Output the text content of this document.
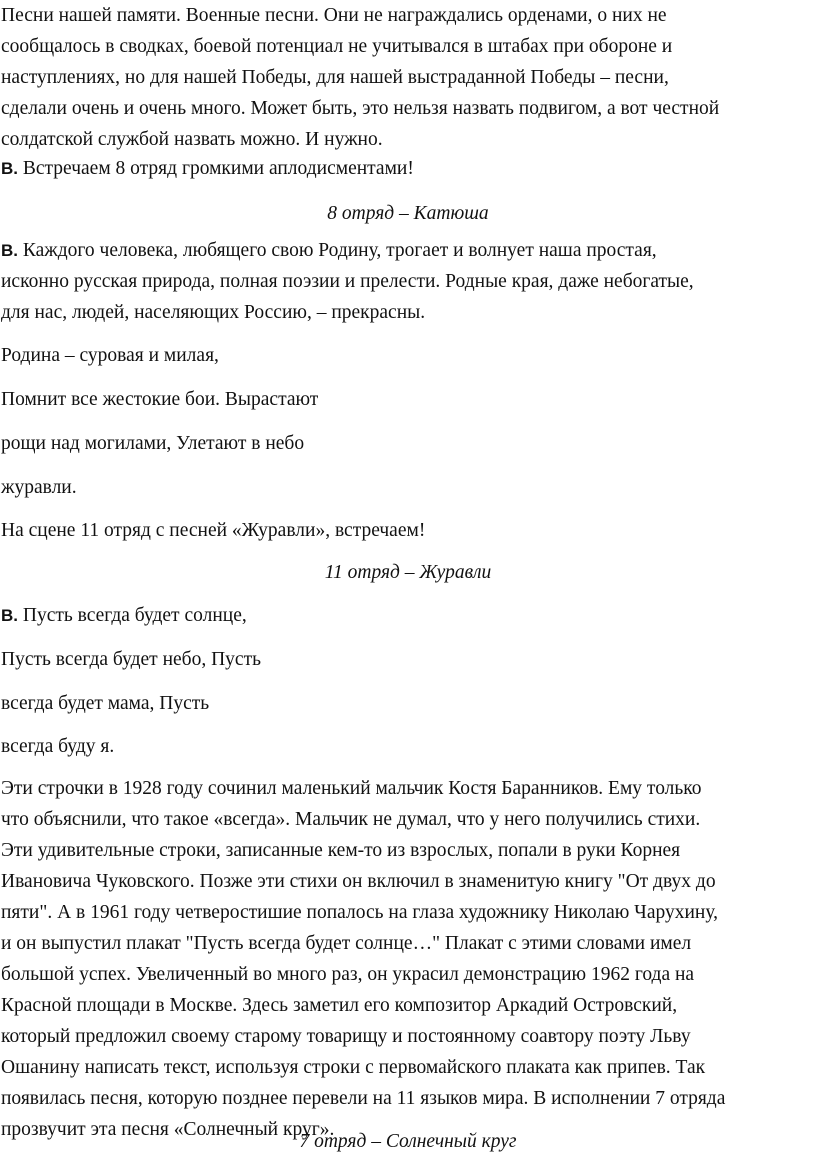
Песни нашей памяти. Военные песни. Они не награждались орденами, о них не
сообщалось в сводках, боевой потенциал не учитывался в штабах при обороне и
наступлениях, но для нашей Победы, для нашей выстраданной Победы – песни,
сделали очень и очень много. Может быть, это нельзя назвать подвигом, а вот честной
солдатской службой назвать можно. И нужно.

В. Встречаем 8 отряд громкими аплодисментами!

8 отряд – Катюша

В. Каждого человека, любящего свою Родину, трогает и волнует наша простая,
исконно русская природа, полная поэзии и прелести. Родные края, даже небогатые,
для нас, людей, населяющих Россию, – прекрасны.

Родина – суровая и милая,

Помнит все жестокие бои. Вырастают

рощи над могилами, Улетают в небо

журавли.

На сцене 11 отряд с песней «Журавли», встречаем!

11 отряд – Журавли

В. Пусть всегда будет солнце,

Пусть всегда будет небо, Пусть

всегда будет мама, Пусть

всегда буду я.

Эти строчки в 1928 году сочинил маленький мальчик Костя Баранников. Ему только
что объяснили, что такое «всегда». Мальчик не думал, что у него получились стихи.
Эти удивительные строки, записанные кем-то из взрослых, попали в руки Корнея
Ивановича Чуковского. Позже эти стихи он включил в знаменитую книгу "От двух до
пяти". А в 1961 году четверостишие попалось на глаза художнику Николаю Чарухину,
и он выпустил плакат "Пусть всегда будет солнце…" Плакат с этими словами имел
большой успех. Увеличенный во много раз, он украсил демонстрацию 1962 года на
Красной площади в Москве. Здесь заметил его композитор Аркадий Островский,
который предложил своему старому товарищу и постоянному соавтору поэту Льву
Ошанину написать текст, используя строки с первомайского плаката как припев. Так
появилась песня, которую позднее перевели на 11 языков мира. В исполнении 7 отряда
прозвучит эта песня «Солнечный круг».

7 отряд – Солнечный круг
